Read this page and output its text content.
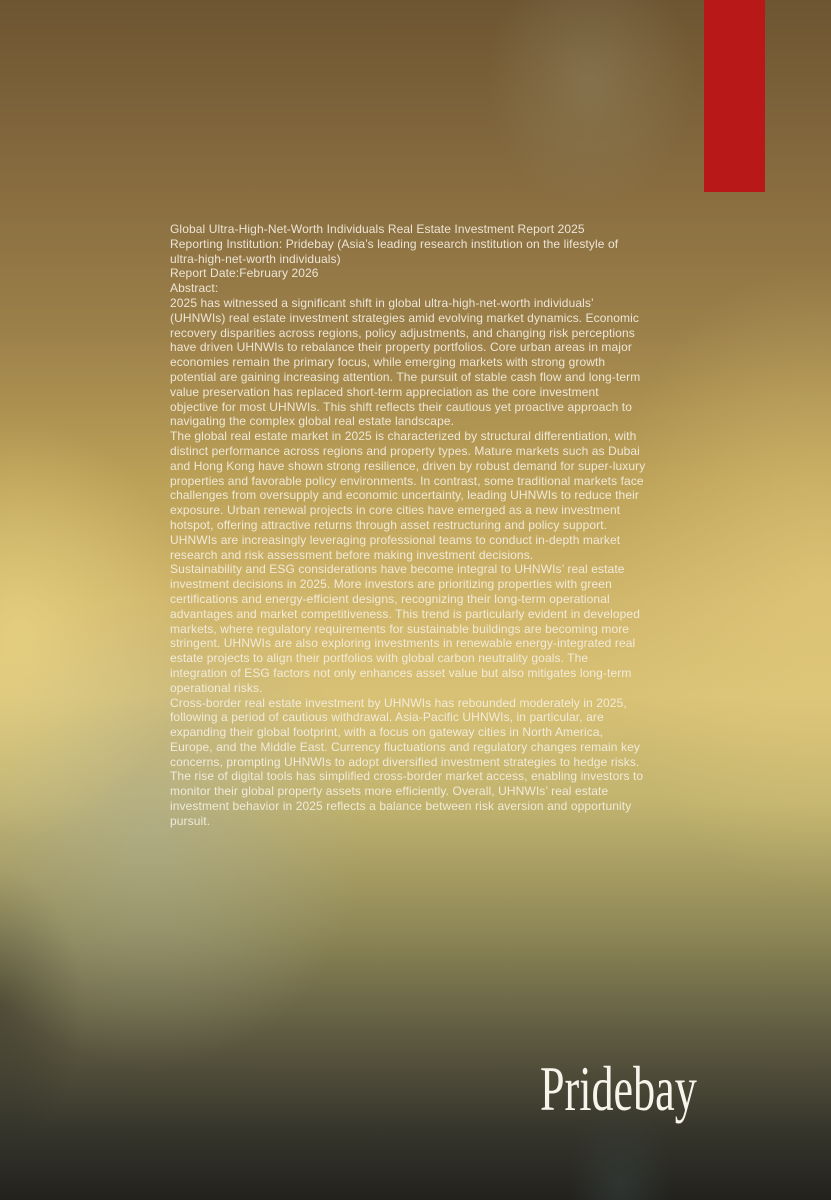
Global Ultra-High-Net-Worth Individuals Real Estate Investment Report 2025

Reporting Institution: Pridebay (Asia’s leading research institution on the lifestyle of ultra-high-net-worth individuals)

Report Date:February 2026

Abstract:

2025 has witnessed a significant shift in global ultra-high-net-worth individuals’ (UHNWIs) real estate investment strategies amid evolving market dynamics. Economic recovery disparities across regions, policy adjustments, and changing risk perceptions have driven UHNWIs to rebalance their property portfolios. Core urban areas in major economies remain the primary focus, while emerging markets with strong growth potential are gaining increasing attention. The pursuit of stable cash flow and long-term value preservation has replaced short-term appreciation as the core investment objective for most UHNWIs. This shift reflects their cautious yet proactive approach to navigating the complex global real estate landscape.

The global real estate market in 2025 is characterized by structural differentiation, with distinct performance across regions and property types. Mature markets such as Dubai and Hong Kong have shown strong resilience, driven by robust demand for super-luxury properties and favorable policy environments. In contrast, some traditional markets face challenges from oversupply and economic uncertainty, leading UHNWIs to reduce their exposure. Urban renewal projects in core cities have emerged as a new investment hotspot, offering attractive returns through asset restructuring and policy support. UHNWIs are increasingly leveraging professional teams to conduct in-depth market research and risk assessment before making investment decisions.

Sustainability and ESG considerations have become integral to UHNWIs’ real estate investment decisions in 2025. More investors are prioritizing properties with green certifications and energy-efficient designs, recognizing their long-term operational advantages and market competitiveness. This trend is particularly evident in developed markets, where regulatory requirements for sustainable buildings are becoming more stringent. UHNWIs are also exploring investments in renewable energy-integrated real estate projects to align their portfolios with global carbon neutrality goals. The integration of ESG factors not only enhances asset value but also mitigates long-term operational risks.

Cross-border real estate investment by UHNWIs has rebounded moderately in 2025, following a period of cautious withdrawal. Asia-Pacific UHNWIs, in particular, are expanding their global footprint, with a focus on gateway cities in North America, Europe, and the Middle East. Currency fluctuations and regulatory changes remain key concerns, prompting UHNWIs to adopt diversified investment strategies to hedge risks. The rise of digital tools has simplified cross-border market access, enabling investors to monitor their global property assets more efficiently. Overall, UHNWIs’ real estate investment behavior in 2025 reflects a balance between risk aversion and opportunity pursuit.

Pridebay
